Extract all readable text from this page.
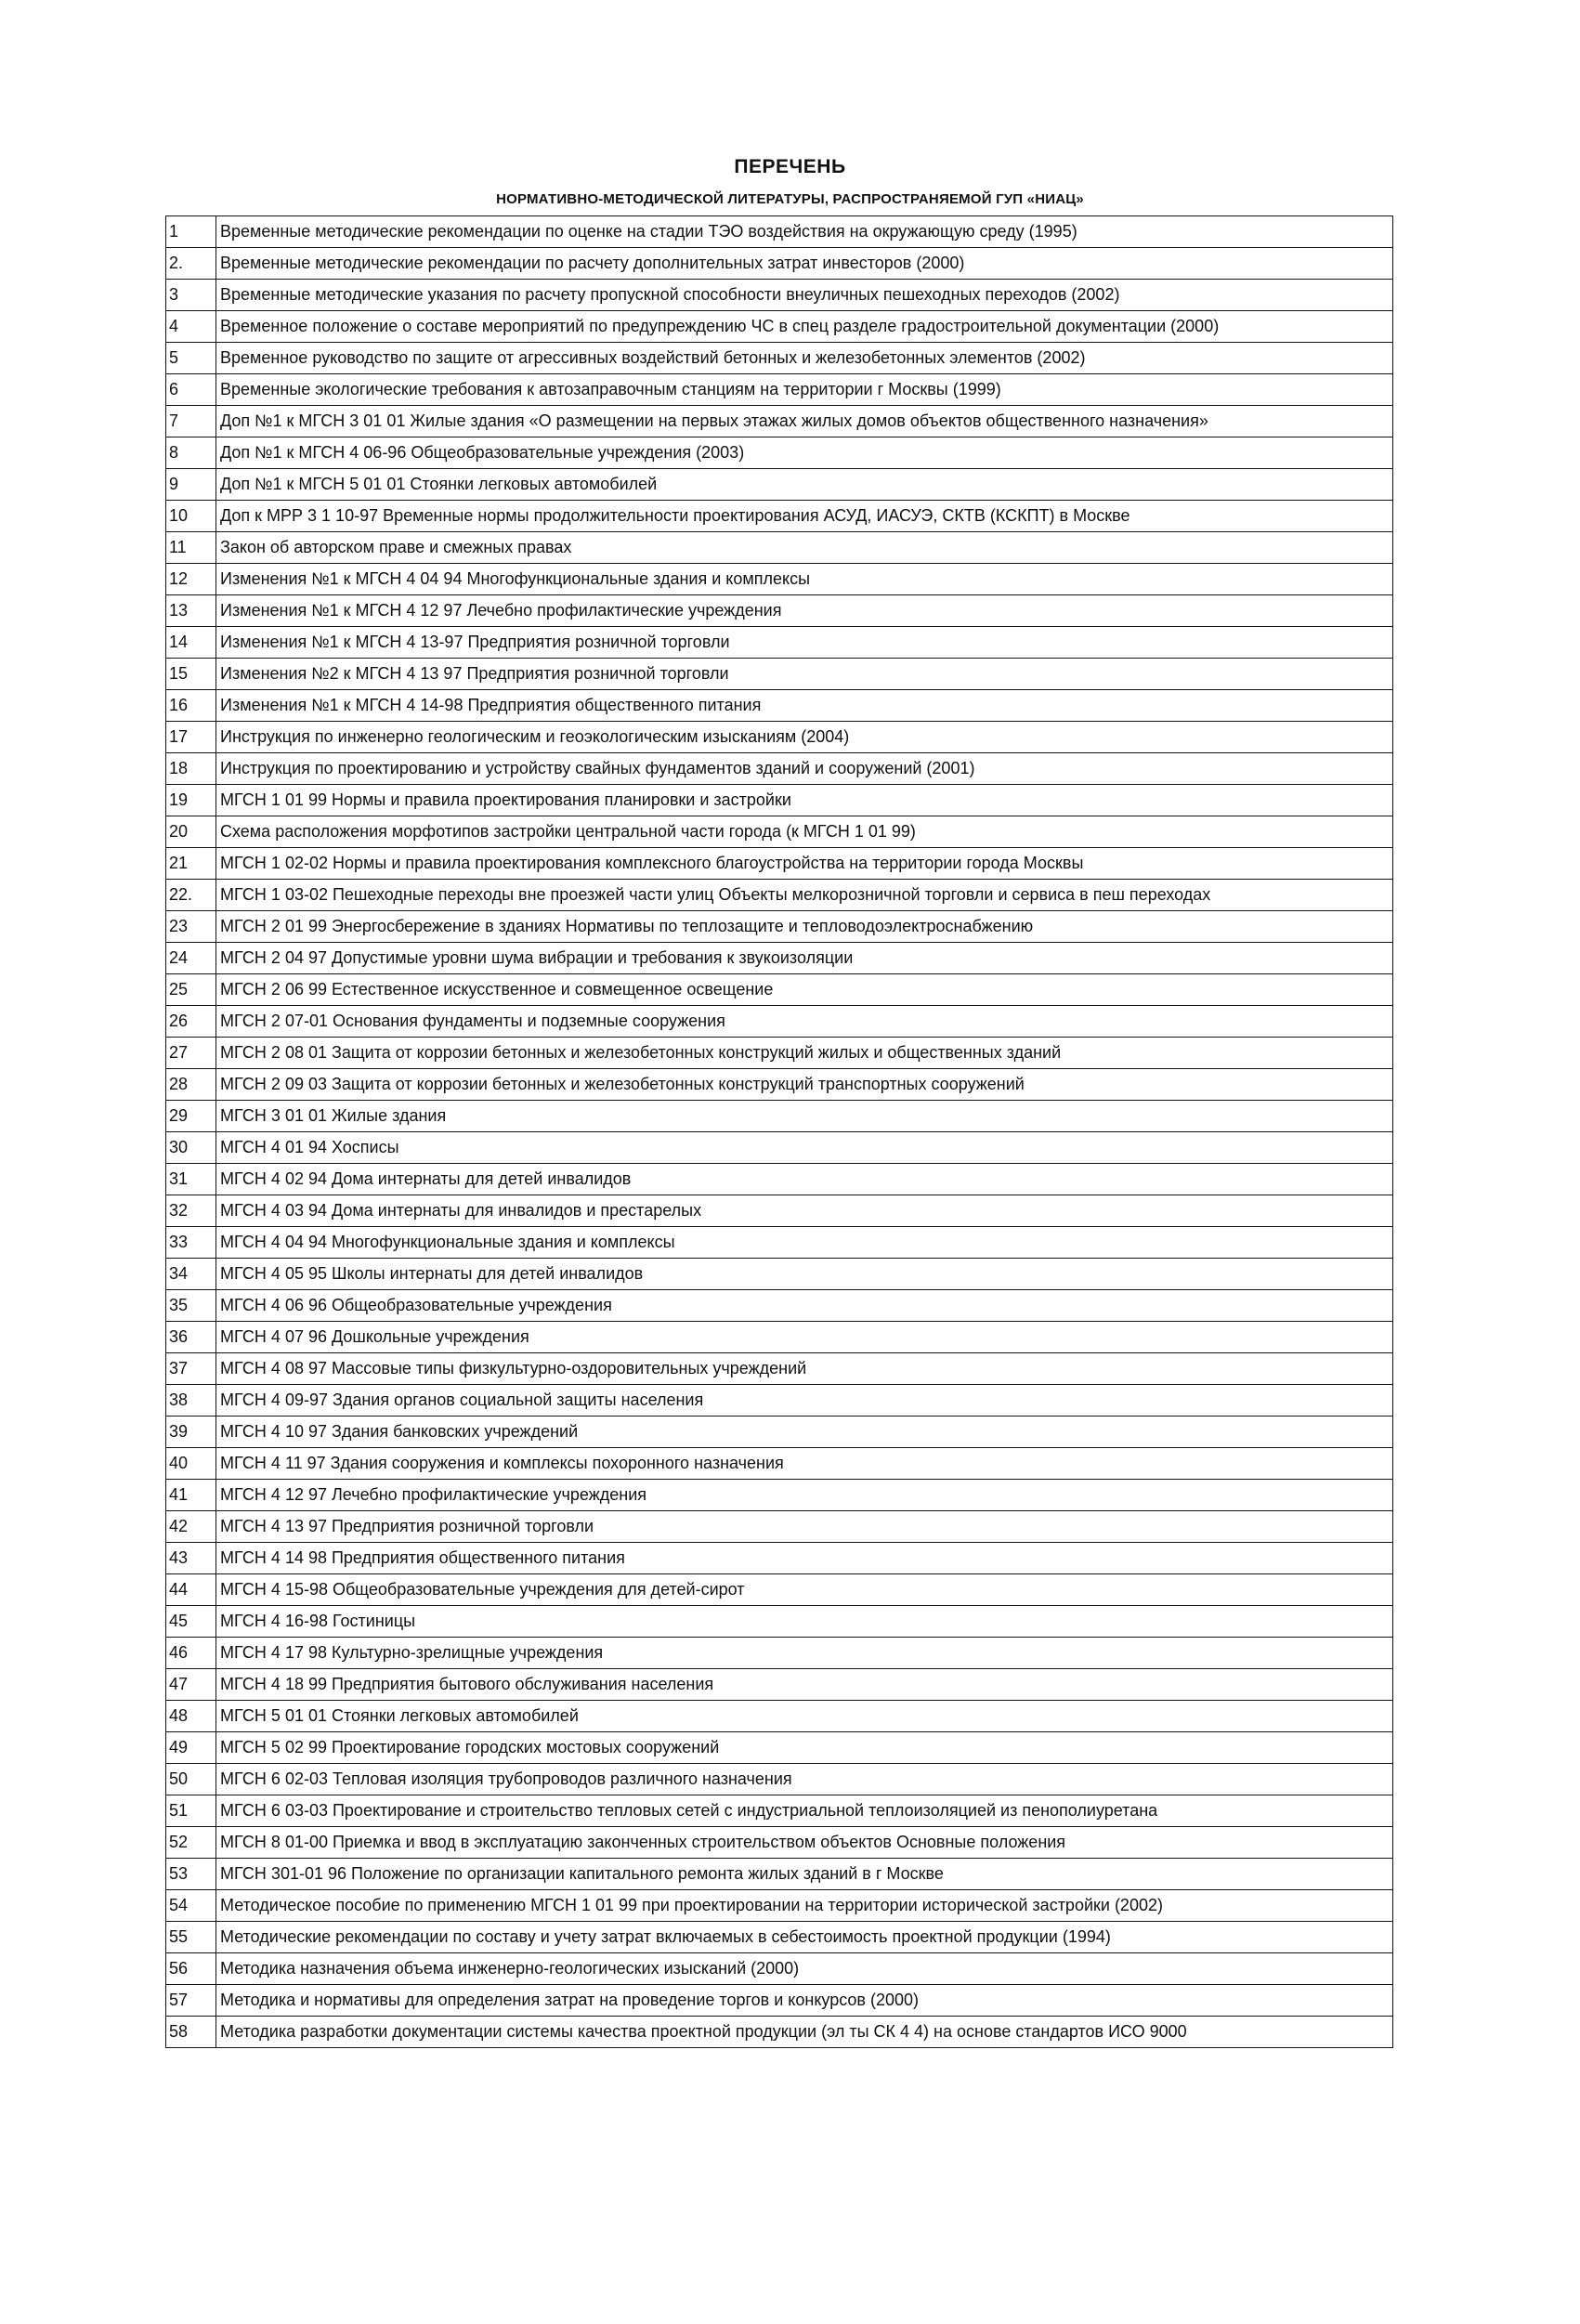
ПЕРЕЧЕНЬ
НОРМАТИВНО-МЕТОДИЧЕСКОЙ ЛИТЕРАТУРЫ, РАСПРОСТРАНЯЕМОЙ ГУП «НИАЦ»
1	Временные методические рекомендации по оценке на стадии ТЭО воздействия на окружающую среду (1995)
2.	Временные методические рекомендации по расчету дополнительных затрат инвесторов (2000)
3	Временные методические указания по расчету пропускной способности внеуличных пешеходных переходов (2002)
4	Временное положение о составе мероприятий по предупреждению ЧС в спец разделе градостроительной документации (2000)
5	Временное руководство по защите от агрессивных воздействий бетонных и железобетонных элементов (2002)
6	Временные экологические требования к автозаправочным станциям на территории г Москвы (1999)
7	Доп №1 к МГСН 3 01 01 Жилые здания «О размещении на первых этажах жилых домов объектов общественного назначения»
8	Доп №1 к МГСН 4 06-96 Общеобразовательные учреждения (2003)
9	Доп №1 к МГСН 5 01 01 Стоянки легковых автомобилей
10	Доп к МРР 3 1 10-97 Временные нормы продолжительности проектирования АСУД, ИАСУЭ, СКТВ (КСКПТ) в Москве
11	Закон об авторском праве и смежных правах
12	Изменения №1 к МГСН 4 04 94 Многофункциональные здания и комплексы
13	Изменения №1 к МГСН 4 12 97 Лечебно профилактические учреждения
14	Изменения №1 к МГСН 4 13-97 Предприятия розничной торговли
15	Изменения №2 к МГСН 4 13 97 Предприятия розничной торговли
16	Изменения №1 к МГСН 4 14-98 Предприятия общественного питания
17	Инструкция по инженерно геологическим и геоэкологическим изысканиям (2004)
18	Инструкция по проектированию и устройству свайных фундаментов зданий и сооружений (2001)
19	МГСН 1 01 99 Нормы и правила проектирования планировки и застройки
20	Схема расположения морфотипов застройки центральной части города (к МГСН 1 01 99)
21	МГСН 1 02-02 Нормы и правила проектирования комплексного благоустройства на территории города Москвы
22.	МГСН 1 03-02 Пешеходные переходы вне проезжей части улиц Объекты мелкорозничной торговли и сервиса в пеш переходах
23	МГСН 2 01 99 Энергосбережение в зданиях Нормативы по теплозащите и тепловодоэлектроснабжению
24	МГСН 2 04 97 Допустимые уровни шума вибрации и требования к звукоизоляции
25	МГСН 2 06 99 Естественное искусственное и совмещенное освещение
26	МГСН 2 07-01 Основания фундаменты и подземные сооружения
27	МГСН 2 08 01 Защита от коррозии бетонных и железобетонных конструкций жилых и общественных зданий
28	МГСН 2 09 03 Защита от коррозии бетонных и железобетонных конструкций транспортных сооружений
29	МГСН 3 01 01 Жилые здания
30	МГСН 4 01 94 Хосписы
31	МГСН 4 02 94 Дома интернаты для детей инвалидов
32	МГСН 4 03 94 Дома интернаты для инвалидов и престарелых
33	МГСН 4 04 94 Многофункциональные здания и комплексы
34	МГСН 4 05 95 Школы интернаты для детей инвалидов
35	МГСН 4 06 96 Общеобразовательные учреждения
36	МГСН 4 07 96 Дошкольные учреждения
37	МГСН 4 08 97 Массовые типы физкультурно-оздоровительных учреждений
38	МГСН 4 09-97 Здания органов социальной защиты населения
39	МГСН 4 10 97 Здания банковских учреждений
40	МГСН 4 11 97 Здания сооружения и комплексы похоронного назначения
41	МГСН 4 12 97 Лечебно профилактические учреждения
42	МГСН 4 13 97 Предприятия розничной торговли
43	МГСН 4 14 98 Предприятия общественного питания
44	МГСН 4 15-98 Общеобразовательные учреждения для детей-сирот
45	МГСН 4 16-98 Гостиницы
46	МГСН 4 17 98 Культурно-зрелищные учреждения
47	МГСН 4 18 99 Предприятия бытового обслуживания населения
48	МГСН 5 01 01 Стоянки легковых автомобилей
49	МГСН 5 02 99 Проектирование городских мостовых сооружений
50	МГСН 6 02-03 Тепловая изоляция трубопроводов различного назначения
51	МГСН 6 03-03 Проектирование и строительство тепловых сетей с индустриальной теплоизоляцией из пенополиуретана
52	МГСН 8 01-00 Приемка и ввод в эксплуатацию законченных строительством объектов Основные положения
53	МГСН 301-01 96 Положение по организации капитального ремонта жилых зданий в г Москве
54	Методическое пособие по применению МГСН 1 01 99 при проектировании на территории исторической застройки (2002)
55	Методические рекомендации по составу и учету затрат включаемых в себестоимость проектной продукции (1994)
56	Методика назначения объема инженерно-геологических изысканий (2000)
57	Методика и нормативы для определения затрат на проведение торгов и конкурсов (2000)
58	Методика разработки документации системы качества проектной продукции (эл ты СК 4 4) на основе стандартов ИСО 9000
